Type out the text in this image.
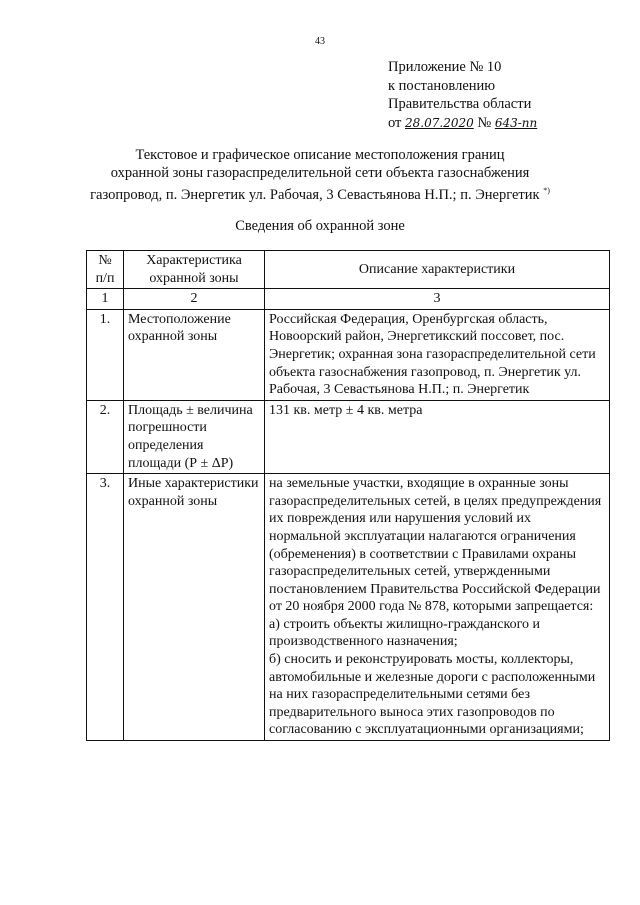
43
Приложение № 10
к постановлению
Правительства области
от 28.07.2020 № 643-пп
Текстовое и графическое описание местоположения границ
охранной зоны газораспределительной сети объекта газоснабжения
газопровод, п. Энергетик ул. Рабочая, 3 Севастьянова Н.П.; п. Энергетик *)
Сведения об охранной зоне
№ п/п	Характеристика охранной зоны	Описание характеристики
1	2	3
1.	Местоположение охранной зоны	Российская Федерация, Оренбургская область, Новоорский район, Энергетикский поссовет, пос. Энергетик; охранная зона газораспределительной сети объекта газоснабжения газопровод, п. Энергетик ул. Рабочая, 3 Севастьянова Н.П.; п. Энергетик
2.	Площадь ± величина погрешности определения площади (Р ± ΔР)	131 кв. метр ± 4 кв. метра
3.	Иные характеристики охранной зоны	на земельные участки, входящие в охранные зоны газораспределительных сетей, в целях предупреждения их повреждения или нарушения условий их нормальной эксплуатации налагаются ограничения (обременения) в соответствии с Правилами охраны газораспределительных сетей, утвержденными постановлением Правительства Российской Федерации от 20 ноября 2000 года № 878, которыми запрещается:
а) строить объекты жилищно-гражданского и производственного назначения;
б) сносить и реконструировать мосты, коллекторы, автомобильные и железные дороги с расположенными на них газораспределительными сетями без предварительного выноса этих газопроводов по согласованию с эксплуатационными организациями;
